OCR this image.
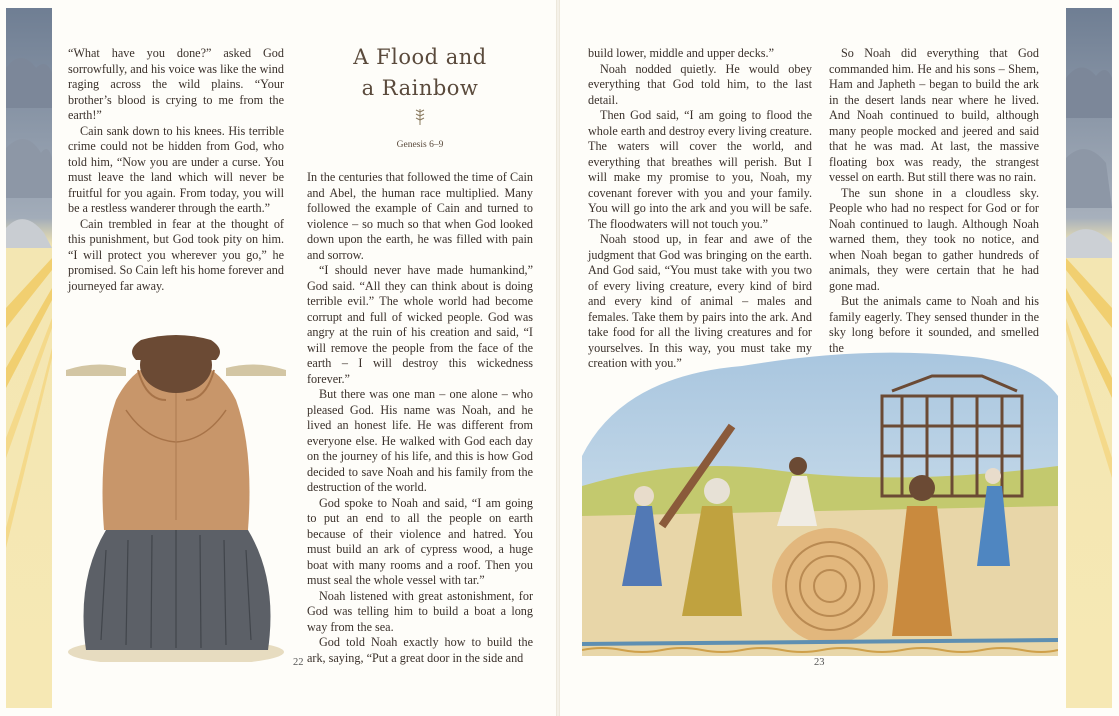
A Flood and
a Rainbow
Genesis 6–9

“What have you done?” asked God sorrowfully, and his voice was like the wind raging across the wild plains. “Your brother’s blood is crying to me from the earth!”

Cain sank down to his knees. His terrible crime could not be hidden from God, who told him, “Now you are under a curse. You must leave the land which will never be fruitful for you again. From today, you will be a restless wanderer through the earth.”

Cain trembled in fear at the thought of this punishment, but God took pity on him. “I will protect you wherever you go,” he promised. So Cain left his home forever and journeyed far away.

In the centuries that followed the time of Cain and Abel, the human race multiplied. Many followed the example of Cain and turned to violence – so much so that when God looked down upon the earth, he was filled with pain and sorrow.

“I should never have made humankind,” God said. “All they can think about is doing terrible evil.” The whole world had become corrupt and full of wicked people. God was angry at the ruin of his creation and said, “I will remove the people from the face of the earth – I will destroy this wickedness forever.”

But there was one man – one alone – who pleased God. His name was Noah, and he lived an honest life. He was different from everyone else. He walked with God each day on the journey of his life, and this is how God decided to save Noah and his family from the destruction of the world.

God spoke to Noah and said, “I am going to put an end to all the people on earth because of their violence and hatred. You must build an ark of cypress wood, a huge boat with many rooms and a roof. Then you must seal the whole vessel with tar.”

Noah listened with great astonishment, for God was telling him to build a boat a long way from the sea.

God told Noah exactly how to build the ark, saying, “Put a great door in the side and

build lower, middle and upper decks.”

Noah nodded quietly. He would obey everything that God told him, to the last detail.

Then God said, “I am going to flood the whole earth and destroy every living creature. The waters will cover the world, and everything that breathes will perish. But I will make my promise to you, Noah, my covenant forever with you and your family. You will go into the ark and you will be safe. The floodwaters will not touch you.”

Noah stood up, in fear and awe of the judgment that God was bringing on the earth. And God said, “You must take with you two of every living creature, every kind of bird and every kind of animal – males and females. Take them by pairs into the ark. And take food for all the living creatures and for yourselves. In this way, you must take my creation with you.”

So Noah did everything that God commanded him. He and his sons – Shem, Ham and Japheth – began to build the ark in the desert lands near where he lived. And Noah continued to build, although many people mocked and jeered and said that he was mad. At last, the massive floating box was ready, the strangest vessel on earth. But still there was no rain.

The sun shone in a cloudless sky. People who had no respect for God or for Noah continued to laugh. Although Noah warned them, they took no notice, and when Noah began to gather hundreds of animals, they were certain that he had gone mad.

But the animals came to Noah and his family eagerly. They sensed thunder in the sky long before it sounded, and smelled the

22	23
